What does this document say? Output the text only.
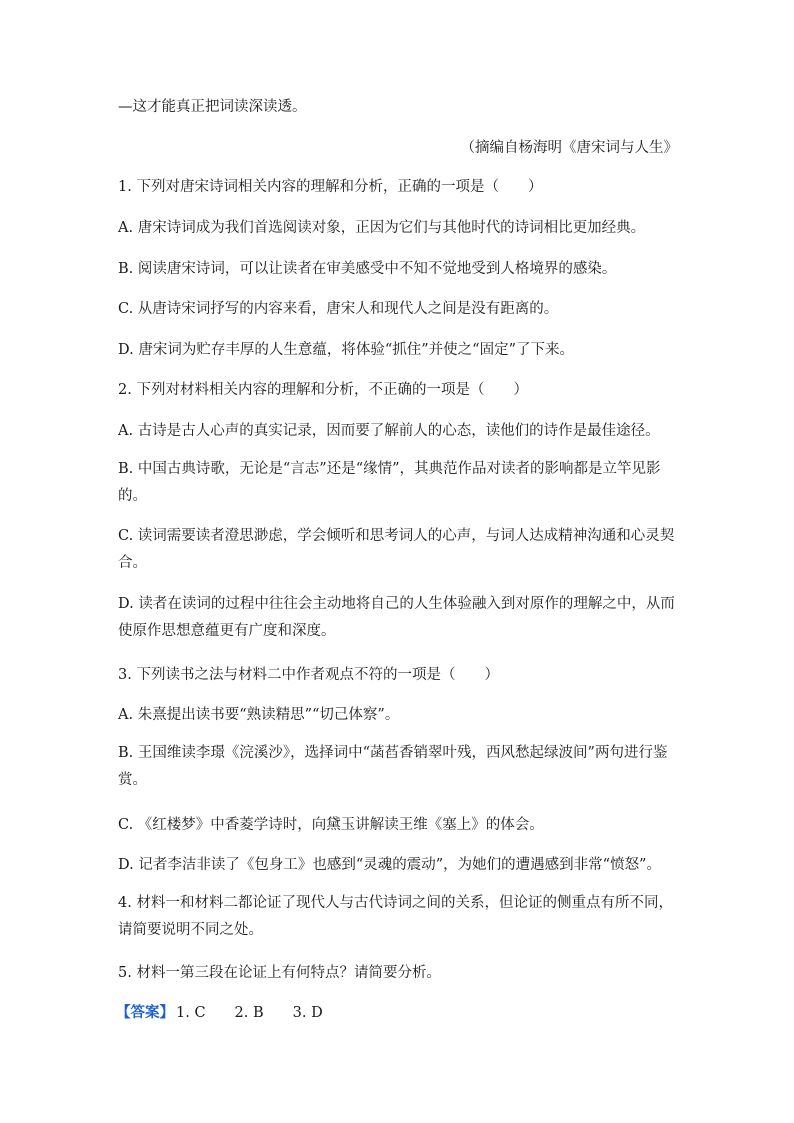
—这才能真正把词读深读透。
（摘编自杨海明《唐宋词与人生》
1. 下列对唐宋诗词相关内容的理解和分析，正确的一项是（　　）
A. 唐宋诗词成为我们首选阅读对象，正因为它们与其他时代的诗词相比更加经典。
B. 阅读唐宋诗词，可以让读者在审美感受中不知不觉地受到人格境界的感染。
C. 从唐诗宋词抒写的内容来看，唐宋人和现代人之间是没有距离的。
D. 唐宋词为贮存丰厚的人生意蕴，将体验“抓住”并使之“固定”了下来。
2. 下列对材料相关内容的理解和分析，不正确的一项是（　　）
A. 古诗是古人心声的真实记录，因而要了解前人的心态，读他们的诗作是最佳途径。
B. 中国古典诗歌，无论是“言志”还是“缘情”，其典范作品对读者的影响都是立竿见影的。
C. 读词需要读者澄思渺虑，学会倾听和思考词人的心声，与词人达成精神沟通和心灵契合。
D. 读者在读词的过程中往往会主动地将自己的人生体验融入到对原作的理解之中，从而使原作思想意蕴更有广度和深度。
3. 下列读书之法与材料二中作者观点不符的一项是（　　）
A. 朱熹提出读书要“熟读精思”“切己体察”。
B. 王国维读李璟《浣溪沙》，选择词中“菡萏香销翠叶残，西风愁起绿波间”两句进行鉴赏。
C. 《红楼梦》中香菱学诗时，向黛玉讲解读王维《塞上》的体会。
D. 记者李洁非读了《包身工》也感到“灵魂的震动”，为她们的遭遇感到非常“愤怒”。
4. 材料一和材料二都论证了现代人与古代诗词之间的关系，但论证的侧重点有所不同，请简要说明不同之处。
5. 材料一第三段在论证上有何特点？请简要分析。
【答案】 1. C　　2. B　　3. D
